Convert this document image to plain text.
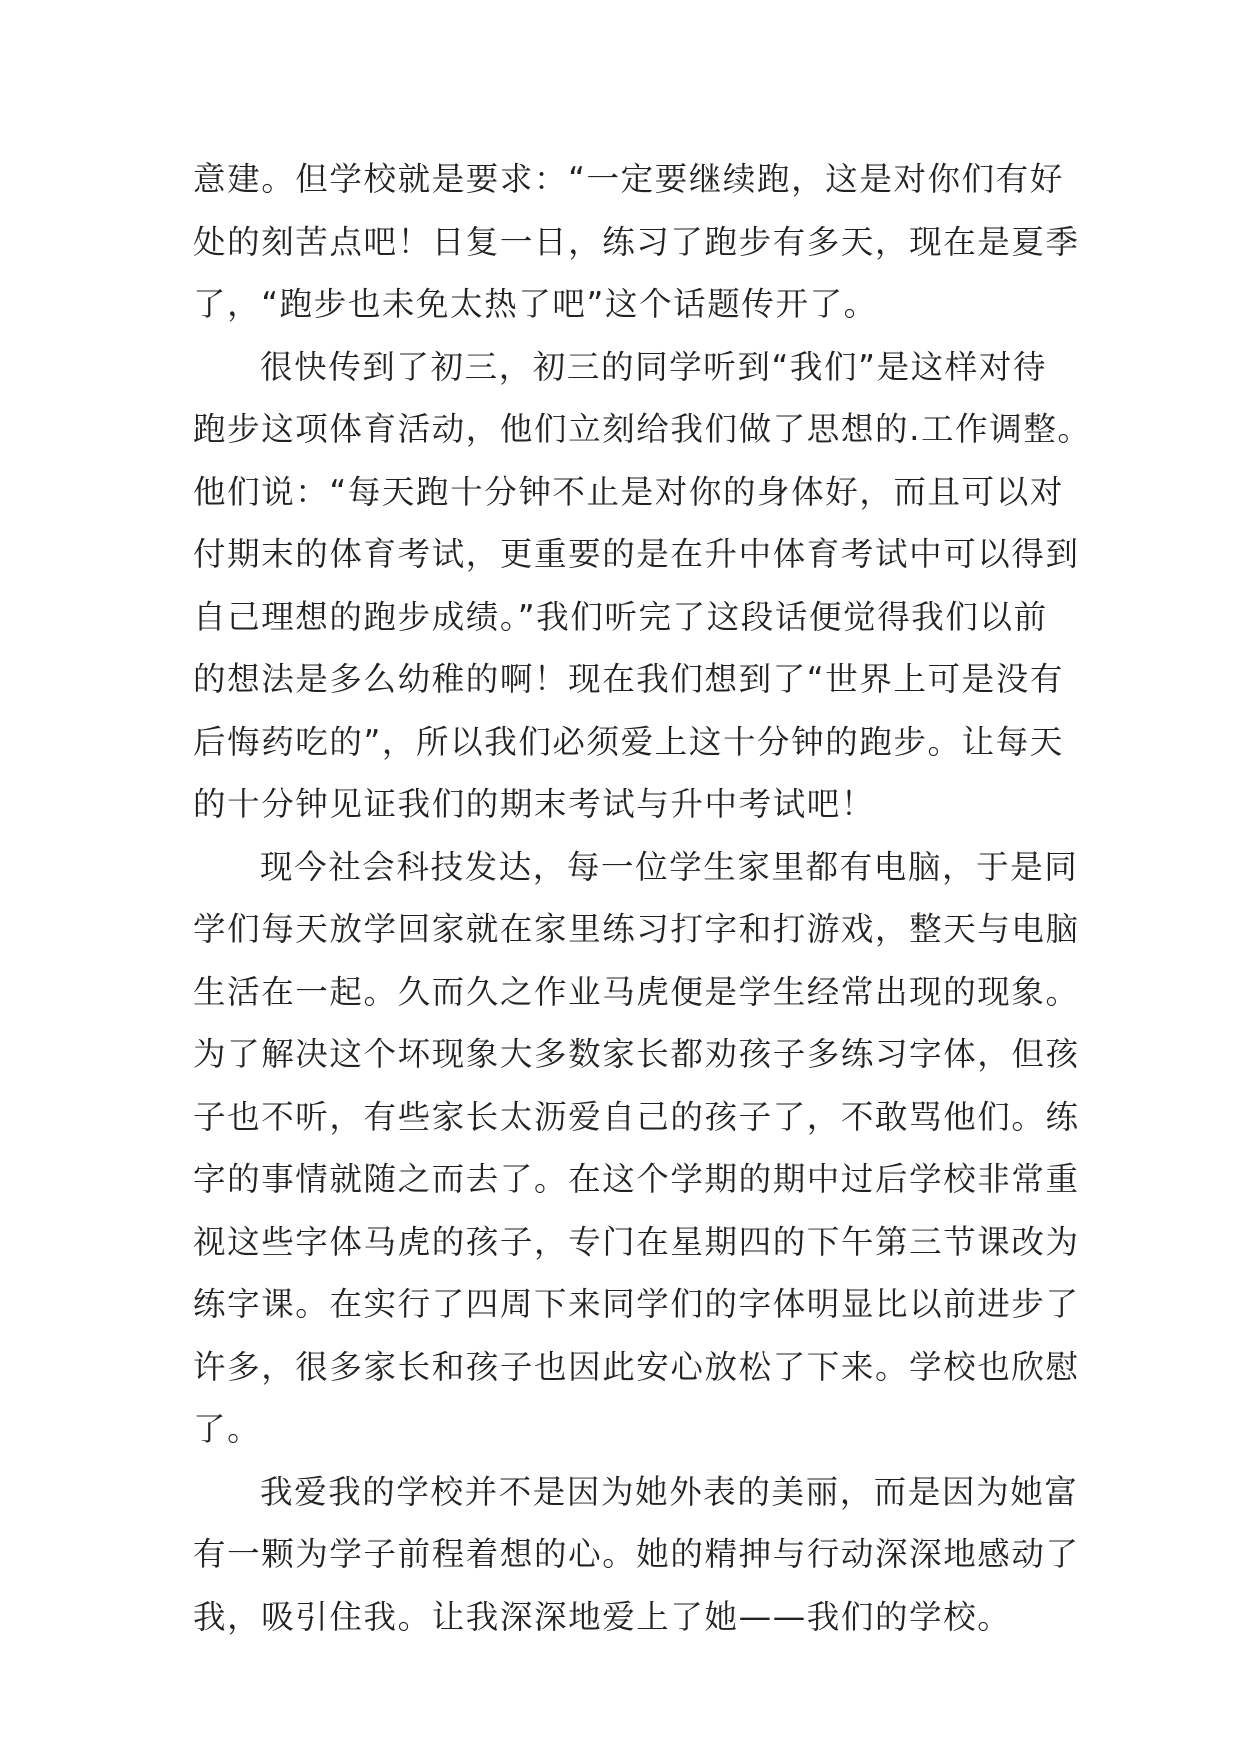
意建。但学校就是要求：“一定要继续跑，这是对你们有好
处的刻苦点吧！日复一日，练习了跑步有多天，现在是夏季
了，“跑步也未免太热了吧”这个话题传开了。
很快传到了初三，初三的同学听到“我们”是这样对待
跑步这项体育活动，他们立刻给我们做了思想的.工作调整。
他们说：“每天跑十分钟不止是对你的身体好，而且可以对
付期末的体育考试，更重要的是在升中体育考试中可以得到
自己理想的跑步成绩。”我们听完了这段话便觉得我们以前
的想法是多么幼稚的啊！现在我们想到了“世界上可是没有
后悔药吃的”，所以我们必须爱上这十分钟的跑步。让每天
的十分钟见证我们的期末考试与升中考试吧！
现今社会科技发达，每一位学生家里都有电脑，于是同
学们每天放学回家就在家里练习打字和打游戏，整天与电脑
生活在一起。久而久之作业马虎便是学生经常出现的现象。
为了解决这个坏现象大多数家长都劝孩子多练习字体，但孩
子也不听，有些家长太沥爱自己的孩子了，不敢骂他们。练
字的事情就随之而去了。在这个学期的期中过后学校非常重
视这些字体马虎的孩子，专门在星期四的下午第三节课改为
练字课。在实行了四周下来同学们的字体明显比以前进步了
许多，很多家长和孩子也因此安心放松了下来。学校也欣慰
了。
我爱我的学校并不是因为她外表的美丽，而是因为她富
有一颗为学子前程着想的心。她的精抻与行动深深地感动了
我，吸引住我。让我深深地爱上了她——我们的学校。
